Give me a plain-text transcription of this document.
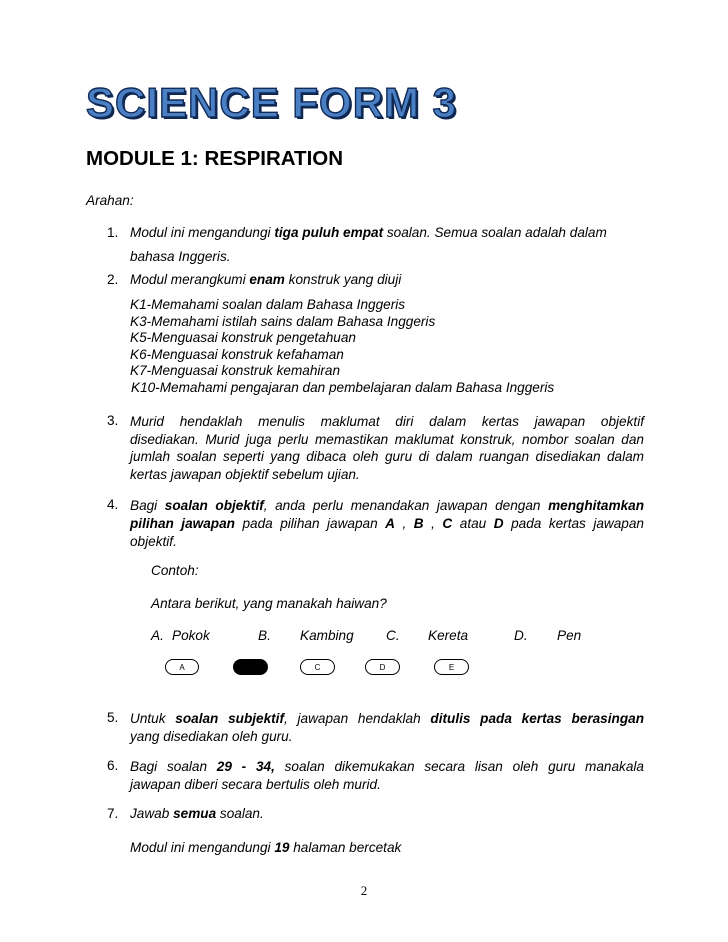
SCIENCE FORM 3
MODULE 1: RESPIRATION
Arahan:
1. Modul ini mengandungi tiga puluh empat soalan. Semua soalan adalah dalam
bahasa Inggeris.
2. Modul merangkumi enam konstruk yang diuji
K1-Memahami soalan dalam Bahasa Inggeris
K3-Memahami istilah sains dalam Bahasa Inggeris
K5-Menguasai konstruk pengetahuan
K6-Menguasai konstruk kefahaman
K7-Menguasai konstruk kemahiran
K10-Memahami pengajaran dan pembelajaran dalam Bahasa Inggeris
3. Murid hendaklah menulis maklumat diri dalam kertas jawapan objektif
disediakan. Murid juga perlu memastikan maklumat konstruk, nombor soalan dan
jumlah soalan seperti yang dibaca oleh guru di dalam ruangan disediakan dalam
kertas jawapan objektif sebelum ujian.
4. Bagi soalan objektif, anda perlu menandakan jawapan dengan menghitamkan
pilihan jawapan pada pilihan jawapan A , B , C atau D pada kertas jawapan
objektif.
Contoh:
Antara berikut, yang manakah haiwan?
A. Pokok	B. Kambing C. Kereta	D. Pen
A	C	D	E
5. Untuk soalan subjektif, jawapan hendaklah ditulis pada kertas berasingan
yang disediakan oleh guru.
6. Bagi soalan 29 - 34, soalan dikemukakan secara lisan oleh guru manakala
jawapan diberi secara bertulis oleh murid.
7. Jawab semua soalan.
Modul ini mengandungi 19 halaman bercetak
2
